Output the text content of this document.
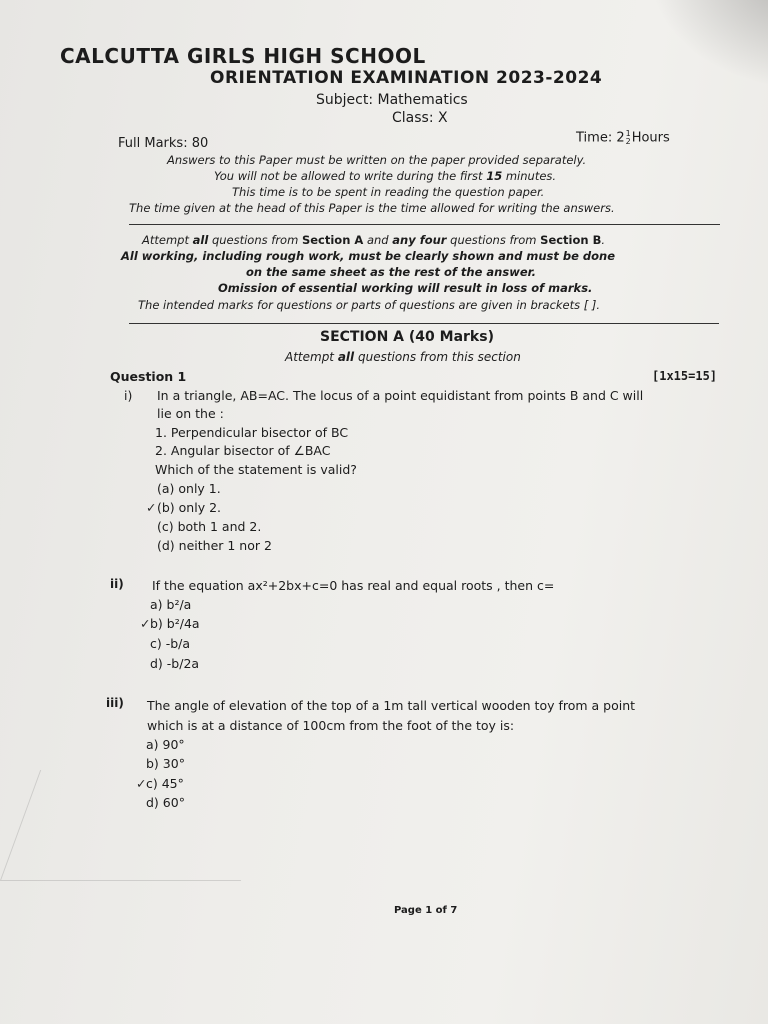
CALCUTTA GIRLS HIGH SCHOOL
ORIENTATION EXAMINATION 2023-2024
Subject: Mathematics
Class: X
Full Marks: 80	Time: 21
2Hours
Answers to this Paper must be written on the paper provided separately.
You will not be allowed to write during the first 15 minutes.
This time is to be spent in reading the question paper.
The time given at the head of this Paper is the time allowed for writing the answers.
Attempt all questions from Section A and any four questions from Section B.
All working, including rough work, must be clearly shown and must be done
on the same sheet as the rest of the answer.
Omission of essential working will result in loss of marks.
The intended marks for questions or parts of questions are given in brackets [ ].
SECTION A (40 Marks)
Attempt all questions from this section
Question 1	[1x15=15]
i) In a triangle, AB=AC. The locus of a point equidistant from points B and C will
lie on the :
1. Perpendicular bisector of BC
2. Angular bisector of ∠BAC
Which of the statement is valid?
(a) only 1.
✓ (b) only 2.
(c) both 1 and 2.
(d) neither 1 nor 2
ii) If the equation ax²+2bx+c=0 has real and equal roots , then c=
a) b²/a
✓ b) b²/4a
c) -b/a
d) -b/2a
iii) The angle of elevation of the top of a 1m tall vertical wooden toy from a point
which is at a distance of 100cm from the foot of the toy is:
a) 90°
b) 30°
✓ c) 45°
d) 60°
Page 1 of 7
